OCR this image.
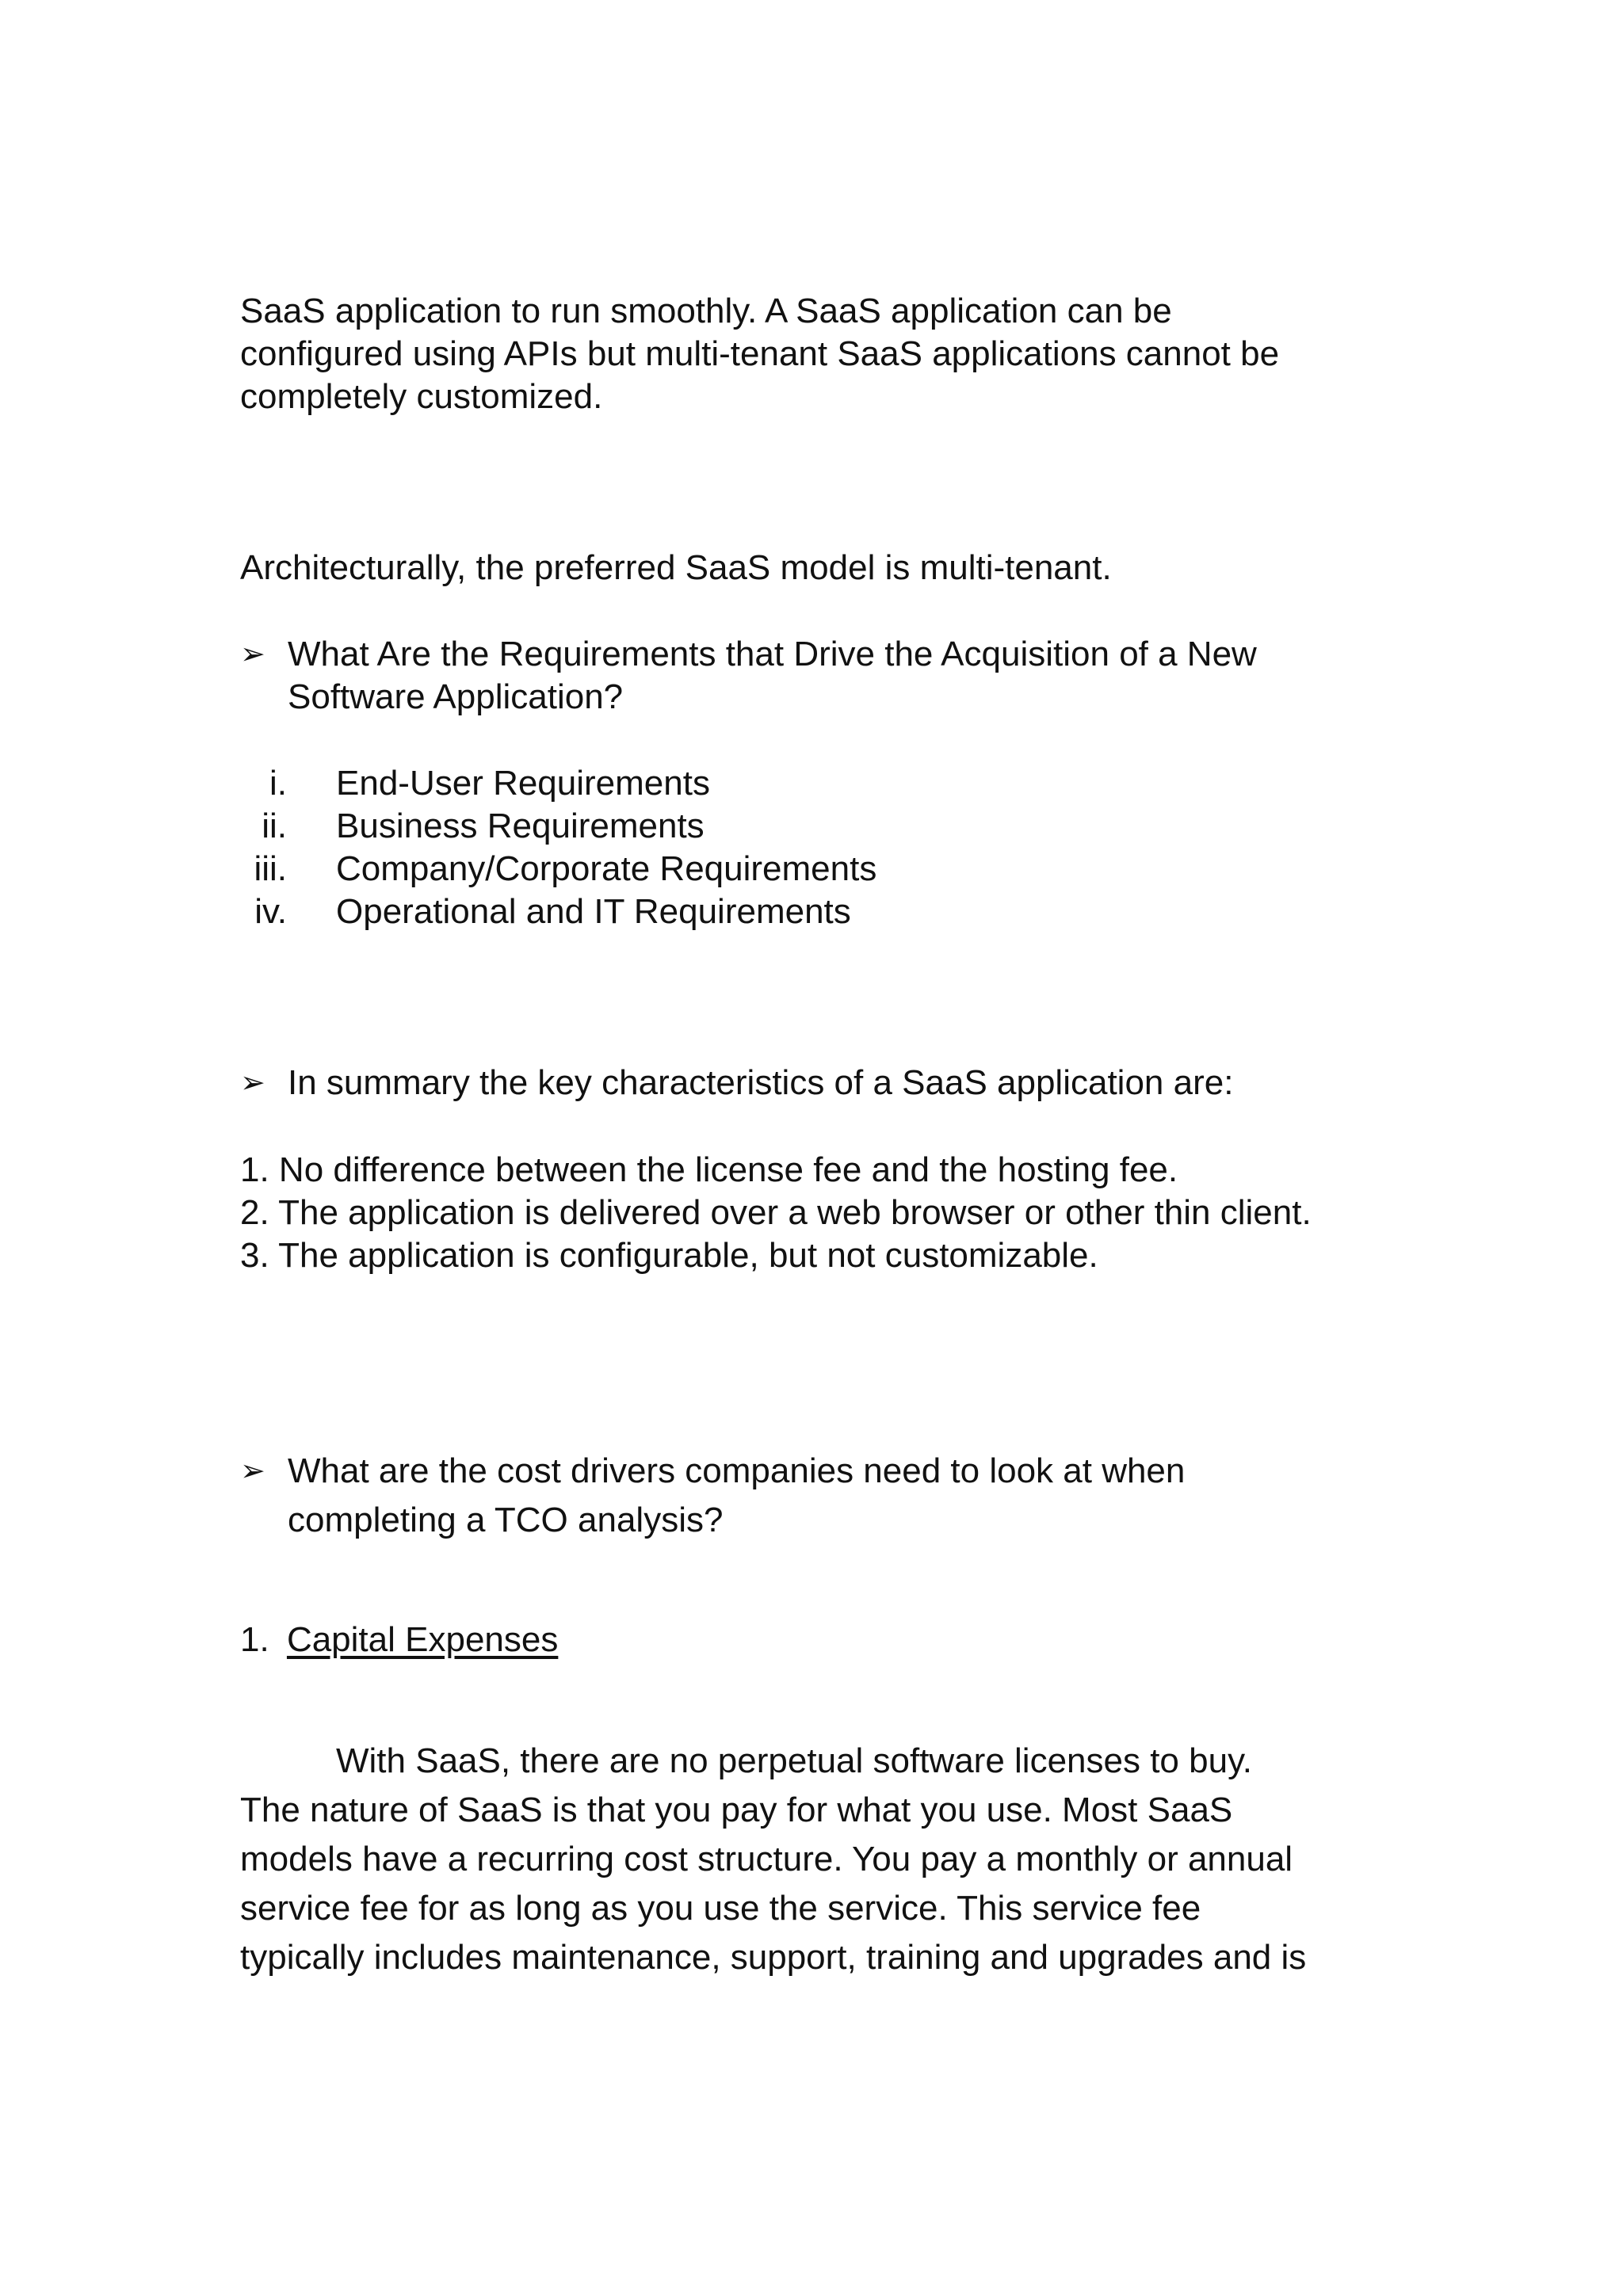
SaaS application to run smoothly. A SaaS application can be
configured using APIs but multi-tenant SaaS applications cannot be
completely customized.
Architecturally, the preferred SaaS model is multi-tenant.
➢ What Are the Requirements that Drive the Acquisition of a New
Software Application?
i. End-User Requirements
ii. Business Requirements
iii. Company/Corporate Requirements
iv. Operational and IT Requirements
➢ In summary the key characteristics of a SaaS application are:
1. No difference between the license fee and the hosting fee.
2. The application is delivered over a web browser or other thin client.
3. The application is configurable, but not customizable.
➢ What are the cost drivers companies need to look at when
completing a TCO analysis?
1. Capital Expenses
With SaaS, there are no perpetual software licenses to buy.
The nature of SaaS is that you pay for what you use. Most SaaS
models have a recurring cost structure. You pay a monthly or annual
service fee for as long as you use the service. This service fee
typically includes maintenance, support, training and upgrades and is
